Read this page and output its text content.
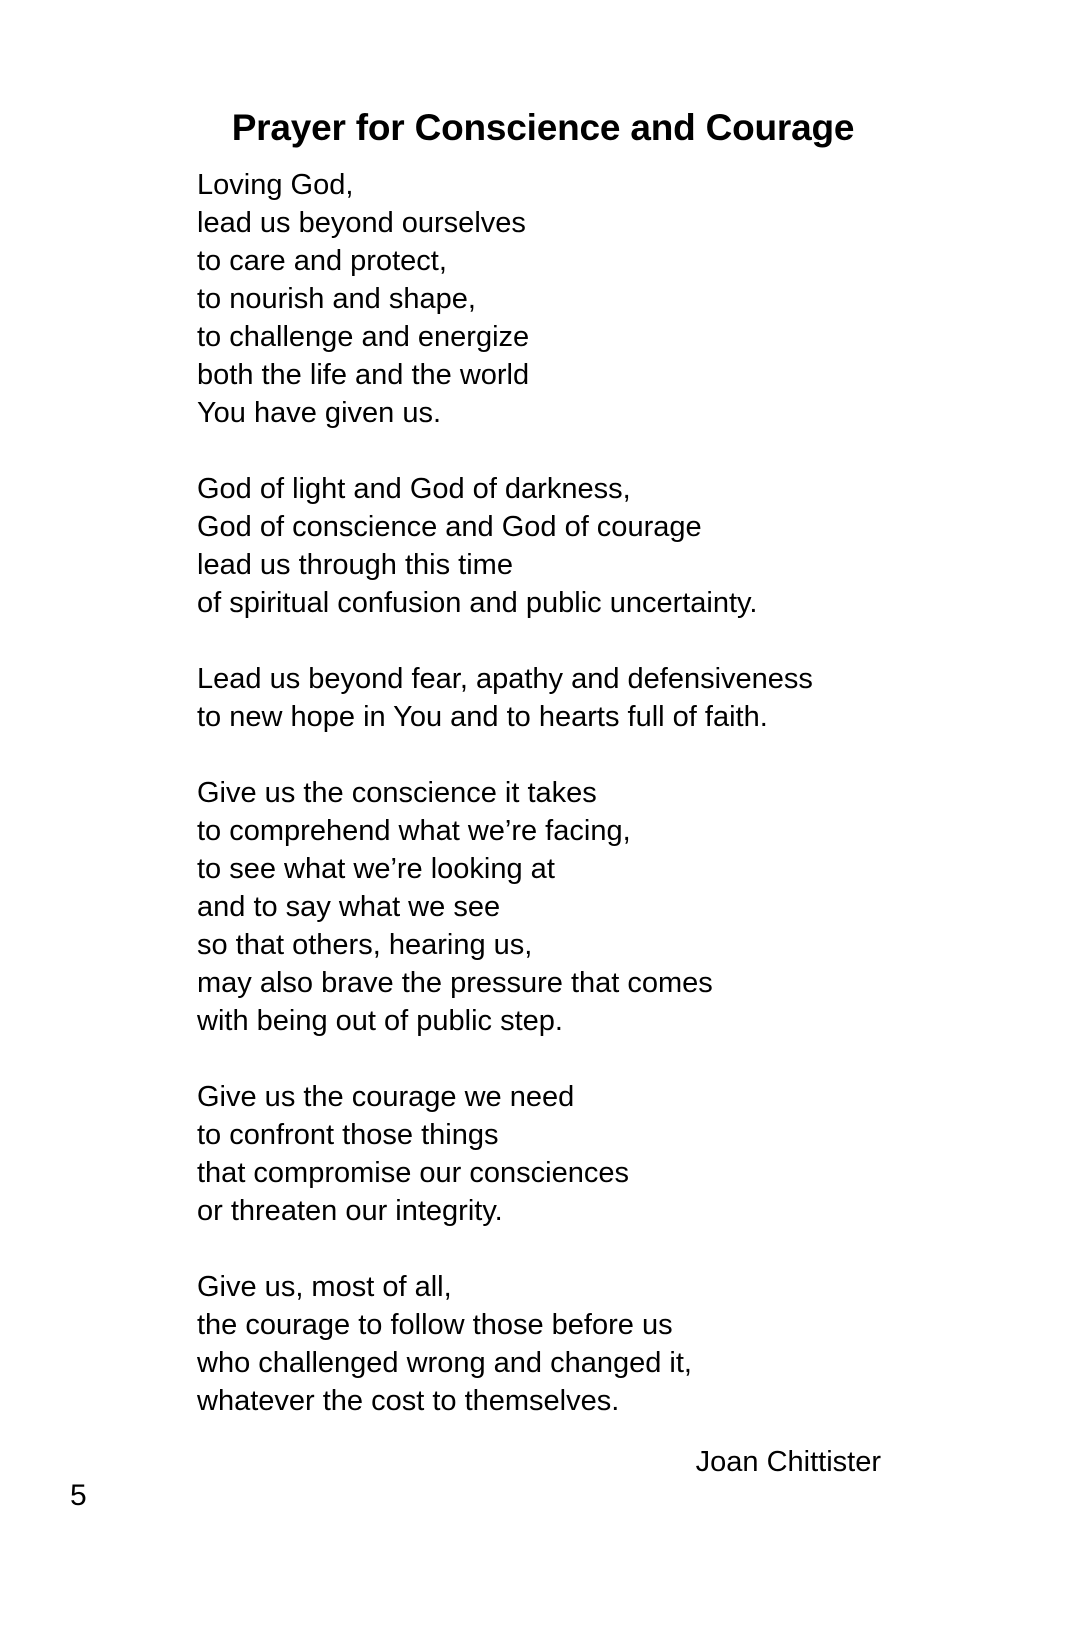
Prayer for Conscience and Courage
Loving God,
lead us beyond ourselves
to care and protect,
to nourish and shape,
to challenge and energize
both the life and the world
You have given us.
God of light and God of darkness,
God of conscience and God of courage
lead us through this time
of spiritual confusion and public uncertainty.
Lead us beyond fear, apathy and defensiveness
to new hope in You and to hearts full of faith.
Give us the conscience it takes
to comprehend what we’re facing,
to see what we’re looking at
and to say what we see
so that others, hearing us,
may also brave the pressure that comes
with being out of public step.
Give us the courage we need
to confront those things
that compromise our consciences
or threaten our integrity.
Give us, most of all,
the courage to follow those before us
who challenged wrong and changed it,
whatever the cost to themselves.
Joan Chittister
5
